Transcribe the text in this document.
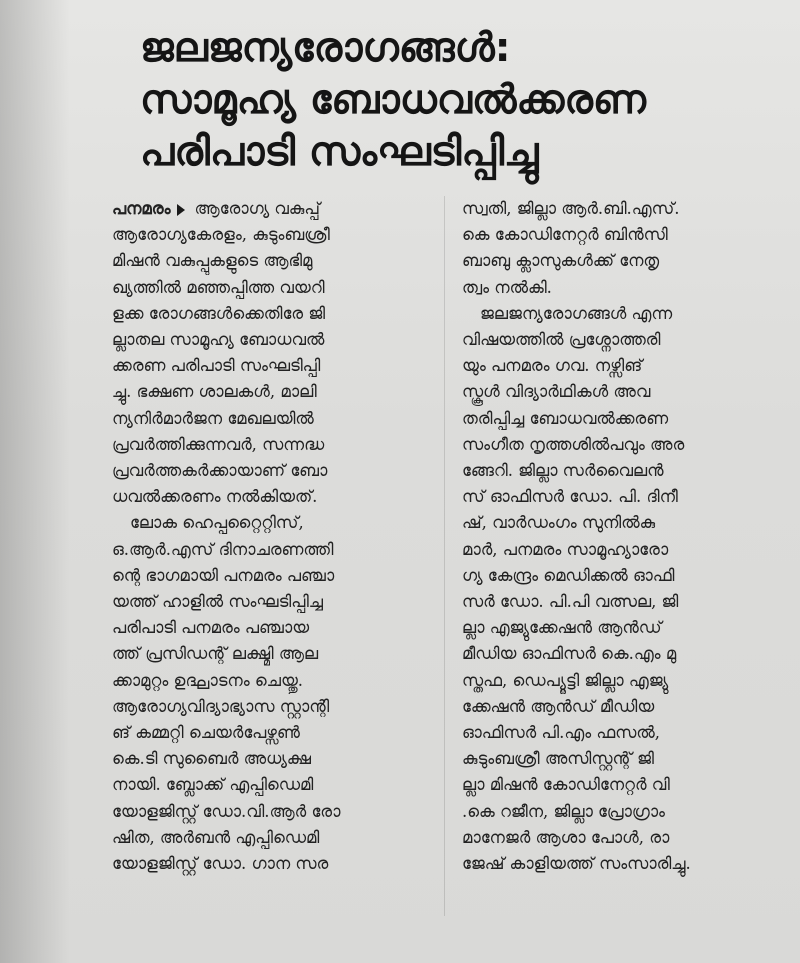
ജലജന്യരോഗങ്ങൾ:
സാമൂഹ്യ ബോധവൽക്കരണ
പരിപാടി സംഘടിപ്പിച്ചു
പനമരം ആരോഗ്യ വകുപ്പ്
ആരോഗ്യകേരളം, കുടുംബശ്രീ
മിഷൻ വകുപ്പുകളുടെ ആഭിമു
ഖ്യത്തിൽ മഞ്ഞപ്പിത്ത വയറി
ളക്ക രോഗങ്ങൾക്കെതിരേ ജി
ല്ലാതല സാമൂഹ്യ ബോധവൽ
ക്കരണ പരിപാടി സംഘടിപ്പി
ച്ചു. ഭക്ഷണ ശാലകൾ, മാലി
ന്യനിർമാർജന മേഖലയിൽ
പ്രവർത്തിക്കുന്നവർ, സന്നദ്ധ
പ്രവർത്തകർക്കായാണ് ബോ
ധവൽക്കരണം നൽകിയത്.
ലോക ഹെപ്പറ്റൈറ്റിസ്,
ഒ.ആർ.എസ് ദിനാചരണത്തി
ന്റെ ഭാഗമായി പനമരം പഞ്ചാ
യത്ത് ഹാളിൽ സംഘടിപ്പിച്ച
പരിപാടി പനമരം പഞ്ചായ
ത്ത് പ്രസിഡന്റ് ലക്ഷ്മി ആല
ക്കാമുറ്റം ഉദ്ഘാടനം ചെയ്തു.
ആരോഗ്യവിദ്യാഭ്യാസ സ്റ്റാന്റി
ങ് കമ്മറ്റി ചെയർപേഴ്സൺ
കെ.ടി സുബൈർ അധ്യക്ഷ
നായി. ബ്ലോക്ക് എപ്പിഡെമി
യോളജിസ്റ്റ് ഡോ.വി.ആർ രോ
ഷിത, അർബൻ എപ്പിഡെമി
യോളജിസ്റ്റ് ഡോ. ഗാന സര
സ്വതി, ജില്ലാ ആർ.ബി.എസ്.
കെ കോഡിനേറ്റർ ബിൻസി
ബാബു ക്ലാസുകൾക്ക് നേതൃ
ത്വം നൽകി.
ജലജന്യരോഗങ്ങൾ എന്ന
വിഷയത്തിൽ പ്രശ്നോത്തരി
യും പനമരം ഗവ. നഴ്സിങ്
സ്കൂൾ വിദ്യാർഥികൾ അവ
തരിപ്പിച്ച ബോധവൽക്കരണ
സംഗീത നൃത്തശിൽപവും അര
ങ്ങേറി. ജില്ലാ സർവൈലൻ
സ് ഓഫിസർ ഡോ. പി. ദിനീ
ഷ്, വാർഡംഗം സുനിൽകു
മാർ, പനമരം സാമൂഹ്യാരോ
ഗ്യ കേന്ദ്രം മെഡിക്കൽ ഓഫി
സർ ഡോ. പി.പി വത്സല, ജി
ല്ലാ എജ്യുക്കേഷൻ ആൻഡ്
മീഡിയ ഓഫിസർ കെ.എം മു
സ്തഫ, ഡെപ്യൂട്ടി ജില്ലാ എജ്യു
ക്കേഷൻ ആൻഡ് മീഡിയ
ഓഫിസർ പി.എം ഫസൽ,
കുടുംബശ്രീ അസിസ്റ്റന്റ് ജി
ല്ലാ മിഷൻ കോഡിനേറ്റർ വി
.കെ റജീന, ജില്ലാ പ്രോഗ്രാം
മാനേജർ ആശാ പോൾ, രാ
ജേഷ് കാളിയത്ത് സംസാരിച്ചു.
